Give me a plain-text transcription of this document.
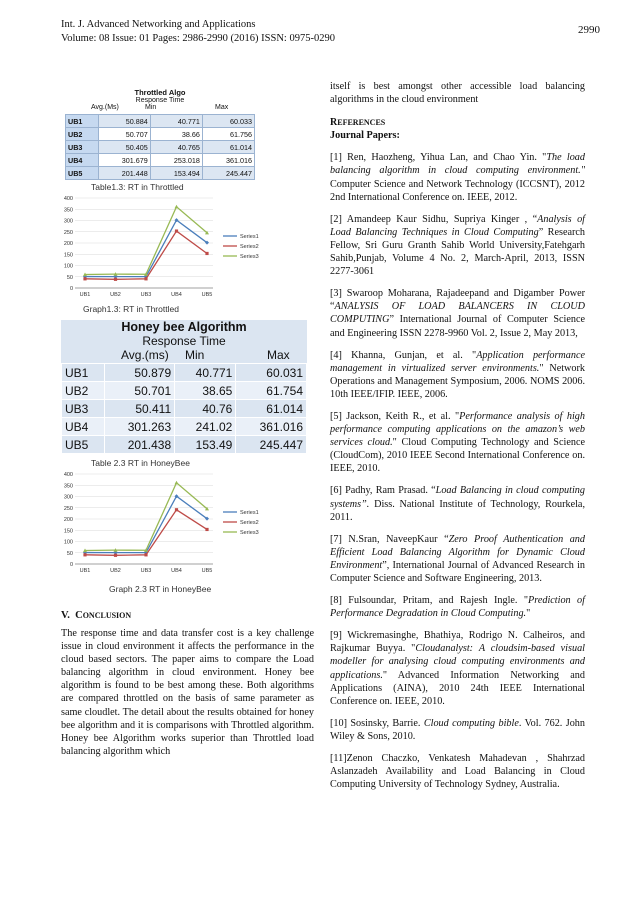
Int. J. Advanced Networking and Applications
Volume: 08 Issue: 01 Pages: 2986-2990 (2016) ISSN: 0975-0290
2990
Throttled Algo
Response Time
Avg.(Ms)	Min	Max
UB1	50.884	40.771	60.033
UB2	50.707	38.66	61.756
UB3	50.405	40.765	61.014
UB4	301.679	253.018	361.016
UB5	201.448	153.494	245.447
Table1.3: RT in Throttled
0
50
100
150
200
250
300
350
400
UB1	UB2	UB3	UB4	UB5
Series1
Series2
Series3
Graph1.3: RT in Throttled
Honey bee Algorithm
Response Time
Avg.(ms) Min	Max
UB1	50.879	40.771	60.031
UB2	50.701	38.65	61.754
UB3	50.411	40.76	61.014
UB4	301.263	241.02	361.016
UB5	201.438	153.49	245.447
Table 2.3 RT in HoneyBee
0
50
100
150
200
250
300
350
400
UB1	UB2	UB3	UB4	UB5
Series1
Series2
Series3
Graph 2.3 RT in HoneyBee
V. CONCLUSION
The response time and data transfer cost is a key challenge issue in cloud environment it affects the performance in the cloud based sectors. The paper aims to compare the Load balancing algorithm in cloud environment. Honey bee algorithm is found to be best among these. Both algorithms are compared throttled on the basis of same parameter as same cloudlet. The detail about the results obtained for honey bee algorithm and it is comparisons with Throttled algorithm. Honey bee Algorithm works superior than Throttled load balancing algorithm which
itself is best amongst other accessible load balancing algorithms in the cloud environment
REFERENCES
Journal Papers:
[1] Ren, Haozheng, Yihua Lan, and Chao Yin. "The load balancing algorithm in cloud computing environment." Computer Science and Network Technology (ICCSNT), 2012 2nd International Conference on. IEEE, 2012.
[2] Amandeep Kaur Sidhu, Supriya Kinger , “Analysis of Load Balancing Techniques in Cloud Computing” Research Fellow, Sri Guru Granth Sahib World University,Fatehgarh Sahib,Punjab, Volume 4 No. 2, March-April, 2013, ISSN 2277-3061
[3] Swaroop Moharana, Rajadeepand and Digamber Power “ANALYSIS OF LOAD BALANCERS IN CLOUD COMPUTING” International Journal of Computer Science and Engineering ISSN 2278-9960 Vol. 2, Issue 2, May 2013,
[4] Khanna, Gunjan, et al. "Application performance management in virtualized server environments." Network Operations and Management Symposium, 2006. NOMS 2006. 10th IEEE/IFIP. IEEE, 2006.
[5] Jackson, Keith R., et al. "Performance analysis of high performance computing applications on the amazon’s web services cloud." Cloud Computing Technology and Science (CloudCom), 2010 IEEE Second International Conference on. IEEE, 2010.
[6] Padhy, Ram Prasad. “Load Balancing in cloud computing systems”. Diss. National Institute of Technology, Rourkela, 2011.
[7] N.Sran, NaveepKaur “Zero Proof Authentication and Efficient Load Balancing Algorithm for Dynamic Cloud Environment”, International Journal of Advanced Research in Computer Science and Software Engineering, 2013.
[8] Fulsoundar, Pritam, and Rajesh Ingle. "Prediction of Performance Degradation in Cloud Computing."
[9] Wickremasinghe, Bhathiya, Rodrigo N. Calheiros, and Rajkumar Buyya. "Cloudanalyst: A cloudsim-based visual modeller for analysing cloud computing environments and applications." Advanced Information Networking and Applications (AINA), 2010 24th IEEE International Conference on. IEEE, 2010.
[10] Sosinsky, Barrie. Cloud computing bible. Vol. 762. John Wiley & Sons, 2010.
[11]Zenon Chaczko, Venkatesh Mahadevan , Shahrzad Aslanzadeh Availability and Load Balancing in Cloud Computing University of Technology Sydney, Australia.
